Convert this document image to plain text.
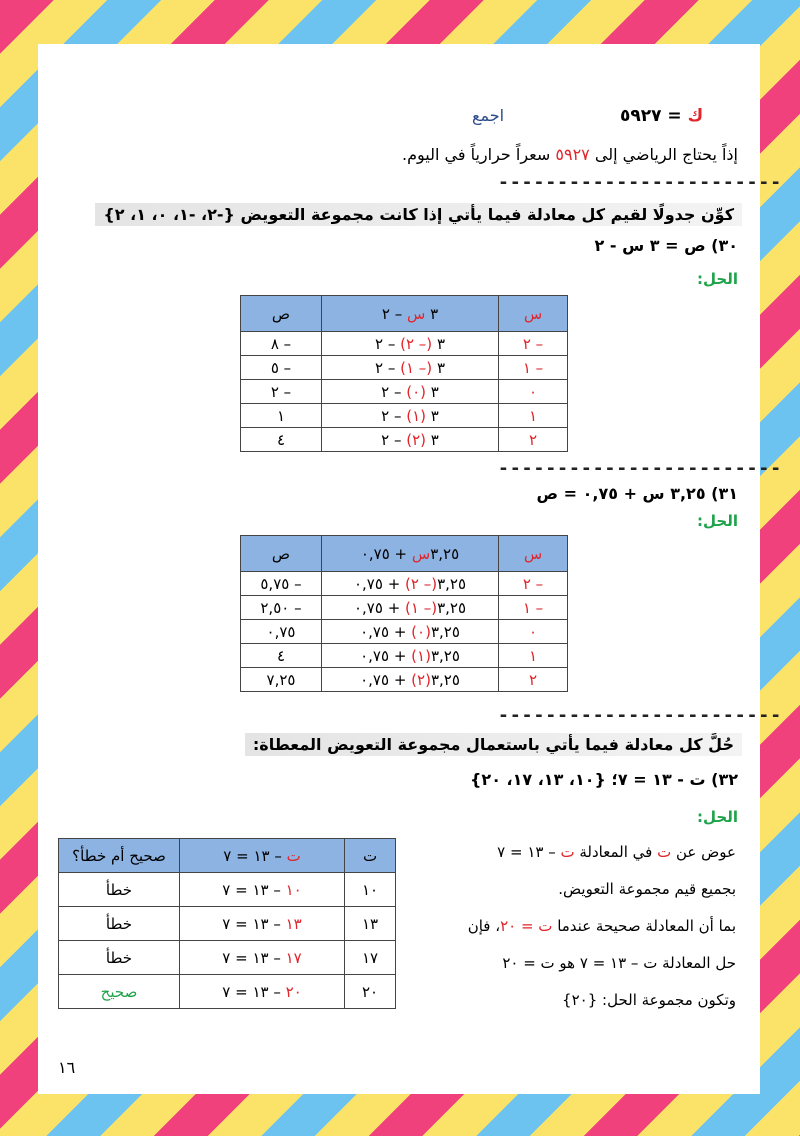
ك = ٥٩٢٧
اجمع
إذاً يحتاج الرياضي إلى ٥٩٢٧ سعراً حرارياً في اليوم.
------------------------
كوِّن جدولًا لقيم كل معادلة فيما يأتي إذا كانت مجموعة التعويض {-٢، -١، ٠، ١، ٢}
٣٠) ص = ٣ س - ٢
الحل:
س	٣ س – ٢	ص
– ٢	٣ (– ٢) – ٢	– ٨
– ١	٣ (– ١) – ٢	– ٥
٠	٣ (٠) – ٢	– ٢
١	٣ (١) – ٢	١
٢	٣ (٢) – ٢	٤
------------------------
٣١) ٣,٢٥ س + ٠,٧٥ = ص
الحل:
س	٣,٢٥س + ٠,٧٥	ص
– ٢	٣,٢٥(– ٢) + ٠,٧٥	– ٥,٧٥
– ١	٣,٢٥(– ١) + ٠,٧٥	– ٢,٥٠
٠	٣,٢٥(٠) + ٠,٧٥	٠,٧٥
١	٣,٢٥(١) + ٠,٧٥	٤
٢	٣,٢٥(٢) + ٠,٧٥	٧,٢٥
------------------------
حُلَّ كل معادلة فيما يأتي باستعمال مجموعة التعويض المعطاة:
٣٢) ت - ١٣ = ٧؛ {١٠، ١٣، ١٧، ٢٠}
الحل:
عوض عن ت في المعادلة ت – ١٣ = ٧
بجميع قيم مجموعة التعويض.
بما أن المعادلة صحيحة عندما ت = ٢٠، فإن
حل المعادلة ت – ١٣ = ٧ هو ت = ٢٠
وتكون مجموعة الحل: {٢٠}
ت	ت – ١٣ = ٧	صحيح أم خطأ؟
١٠	١٠ – ١٣ = ٧	خطأ
١٣	١٣ – ١٣ = ٧	خطأ
١٧	١٧ – ١٣ = ٧	خطأ
٢٠	٢٠ – ١٣ = ٧	صحيح
١٦
